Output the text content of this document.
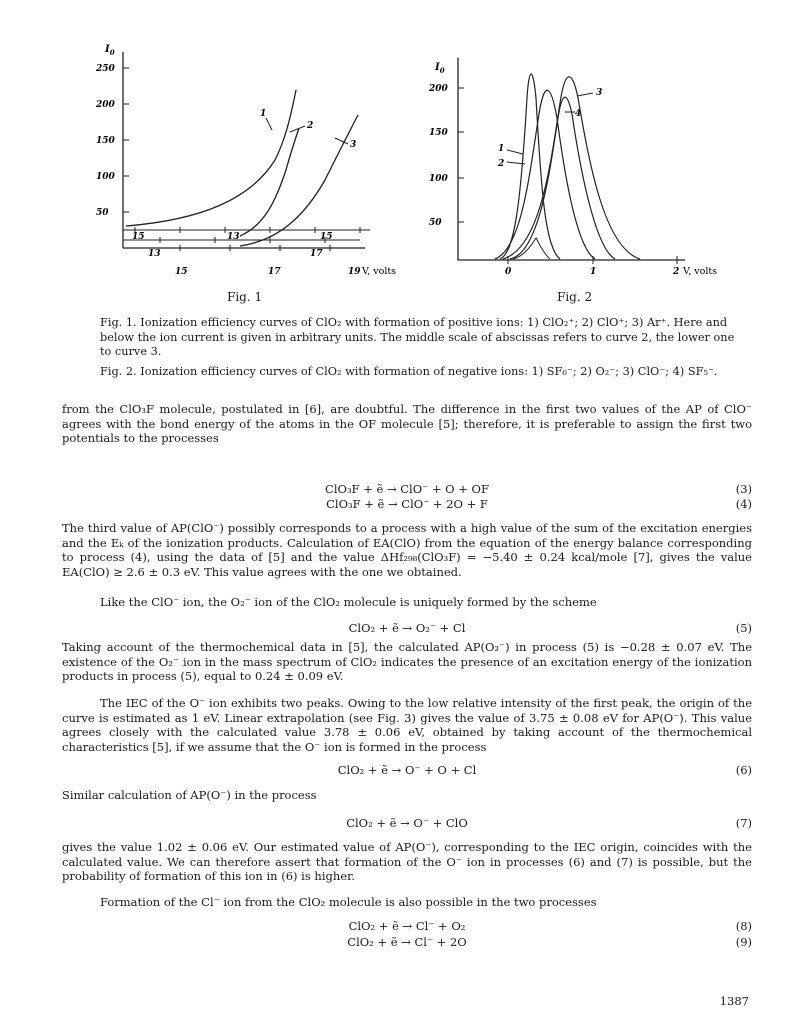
$I_0$
250
200
150
100
50
13	17
13	15
15	17	19
15
V, volts
1
2
3
$I_0$
200
150
100
50
0	1	2 V, volts
1
2
3
4
Fig. 1	Fig. 2
Fig. 1. Ionization efficiency curves of ClO₂ with formation of positive ions: 1) ClO₂⁺; 2) ClO⁺; 3) Ar⁺. Here and below the ion current is given in arbitrary units. The middle scale of abscissas refers to curve 2, the lower one to curve 3.
Fig. 2. Ionization efficiency curves of ClO₂ with formation of negative ions: 1) SF₆⁻; 2) O₂⁻; 3) ClO⁻; 4) SF₅⁻.
from the ClO₃F molecule, postulated in [6], are doubtful. The difference in the first two values of the AP of ClO⁻ agrees with the bond energy of the atoms in the OF molecule [5]; therefore, it is preferable to assign the first two potentials to the processes
ClO₃F + ẽ → ClO⁻ + O + OF	(3)
ClO₃F + ẽ → ClO⁻ + 2O + F	(4)
The third value of AP(ClO⁻) possibly corresponds to a process with a high value of the sum of the excitation energies and the Eₖ of the ionization products. Calculation of EA(ClO) from the equation of the energy balance corresponding to process (4), using the data of [5] and the value ΔHf₂₉₈(ClO₃F) = −5.40 ± 0.24 kcal/mole [7], gives the value EA(ClO) ≥ 2.6 ± 0.3 eV. This value agrees with the one we obtained.
Like the ClO⁻ ion, the O₂⁻ ion of the ClO₂ molecule is uniquely formed by the scheme
ClO₂ + ẽ → O₂⁻ + Cl	(5)
Taking account of the thermochemical data in [5], the calculated AP(O₂⁻) in process (5) is −0.28 ± 0.07 eV. The existence of the O₂⁻ ion in the mass spectrum of ClO₂ indicates the presence of an excitation energy of the ionization products in process (5), equal to 0.24 ± 0.09 eV.
The IEC of the O⁻ ion exhibits two peaks. Owing to the low relative intensity of the first peak, the origin of the curve is estimated as 1 eV. Linear extrapolation (see Fig. 3) gives the value of 3.75 ± 0.08 eV for AP(O⁻). This value agrees closely with the calculated value 3.78 ± 0.06 eV, obtained by taking account of the thermochemical characteristics [5], if we assume that the O⁻ ion is formed in the process
ClO₂ + ẽ → O⁻ + O + Cl	(6)
Similar calculation of AP(O⁻) in the process
ClO₂ + ẽ → O⁻ + ClO	(7)
gives the value 1.02 ± 0.06 eV. Our estimated value of AP(O⁻), corresponding to the IEC origin, coincides with the calculated value. We can therefore assert that formation of the O⁻ ion in processes (6) and (7) is possible, but the probability of formation of this ion in (6) is higher.
Formation of the Cl⁻ ion from the ClO₂ molecule is also possible in the two processes
ClO₂ + ẽ → Cl⁻ + O₂	(8)
ClO₂ + ẽ → Cl⁻ + 2O	(9)
1387
